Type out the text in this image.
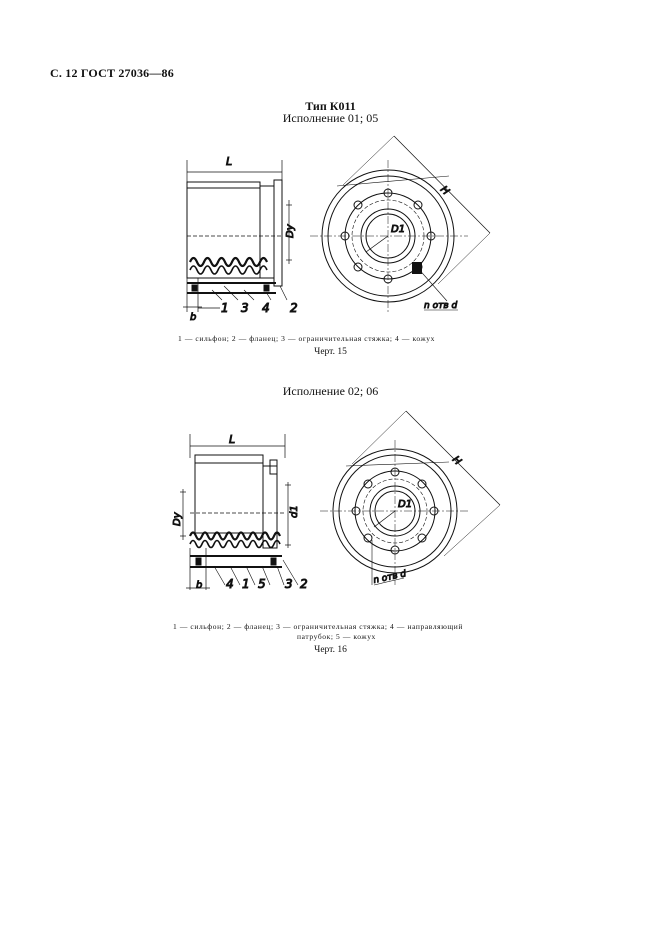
С. 12 ГОСТ 27036—86
Тип К011
Исполнение 01; 05
L
Dу
b
1 3 4 2
D1
H
n отв d
L
Dy
d1
b 4 1 5 3 2
D1
H
n отв d
1 — сильфон; 2 — фланец; 3 — ограничительная стяжка; 4 — кожух
Черт. 15
Исполнение 02; 06
1 — сильфон; 2 — фланец; 3 — ограничительная стяжка; 4 — направляющий
патрубок; 5 — кожух
Черт. 16
